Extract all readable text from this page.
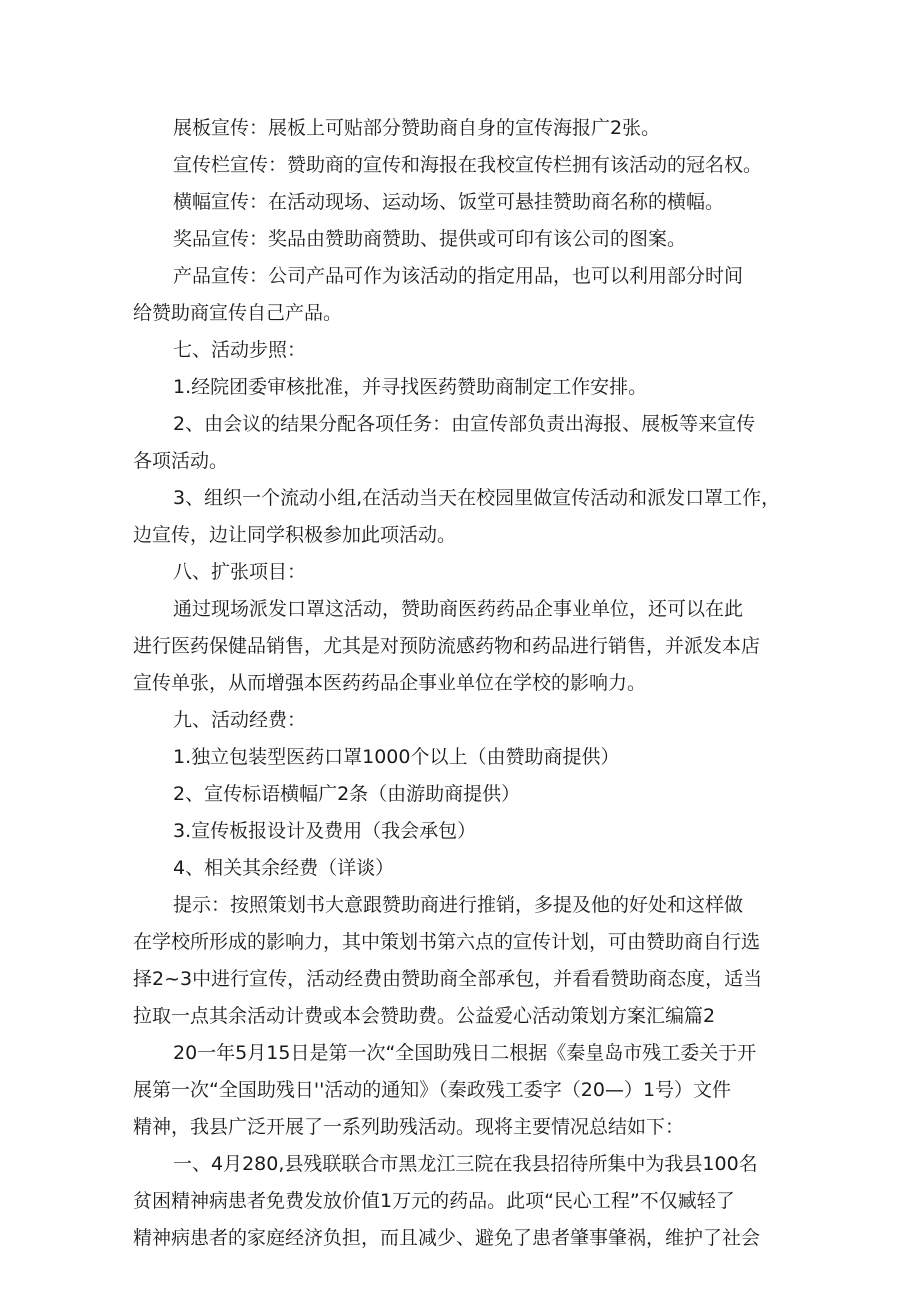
展板宣传：展板上可贴部分赞助商自身的宣传海报广2张。

宣传栏宣传：赞助商的宣传和海报在我校宣传栏拥有该活动的冠名权。

横幅宣传：在活动现场、运动场、饭堂可悬挂赞助商名称的横幅。

奖品宣传：奖品由赞助商赞助、提供或可印有该公司的图案。

产品宣传：公司产品可作为该活动的指定用品，也可以利用部分时间
给赞助商宣传自己产品。

七、活动步照：

1.经院团委审核批准，并寻找医药赞助商制定工作安排。

2、由会议的结果分配各项任务：由宣传部负责出海报、展板等来宣传
各项活动。

3、组织一个流动小组,在活动当天在校园里做宣传活动和派发口罩工作，
边宣传，边让同学积极参加此项活动。

八、扩张项目：

通过现场派发口罩这活动，赞助商医药药品企事业单位，还可以在此
进行医药保健品销售，尤其是对预防流感药物和药品进行销售，并派发本店
宣传单张，从而增强本医药药品企事业单位在学校的影响力。

九、活动经费：

1.独立包装型医药口罩1000个以上（由赞助商提供）

2、宣传标语横幅广2条（由游助商提供）

3.宣传板报设计及费用（我会承包）

4、相关其余经费（详谈）

提示：按照策划书大意跟赞助商进行推销，多提及他的好处和这样做
在学校所形成的影响力，其中策划书第六点的宣传计划，可由赞助商自行选
择2~3中进行宣传，活动经费由赞助商全部承包，并看看赞助商态度，适当
拉取一点其余活动计费或本会赞助费。公益爱心活动策划方案汇编篇2

20一年5月15日是第一次“全国助残日二根据《秦皇岛市残工委关于开
展第一次“全国助残日''活动的通知》（秦政残工委字（20—）1号）文件
精神，我县广泛开展了一系列助残活动。现将主要情况总结如下：

一、4月280,县残联联合市黑龙江三院在我县招待所集中为我县100名
贫困精神病患者免费发放价值1万元的药品。此项“民心工程”不仅臧轻了
精神病患者的家庭经济负担，而且减少、避免了患者肇事肇祸，维护了社会
